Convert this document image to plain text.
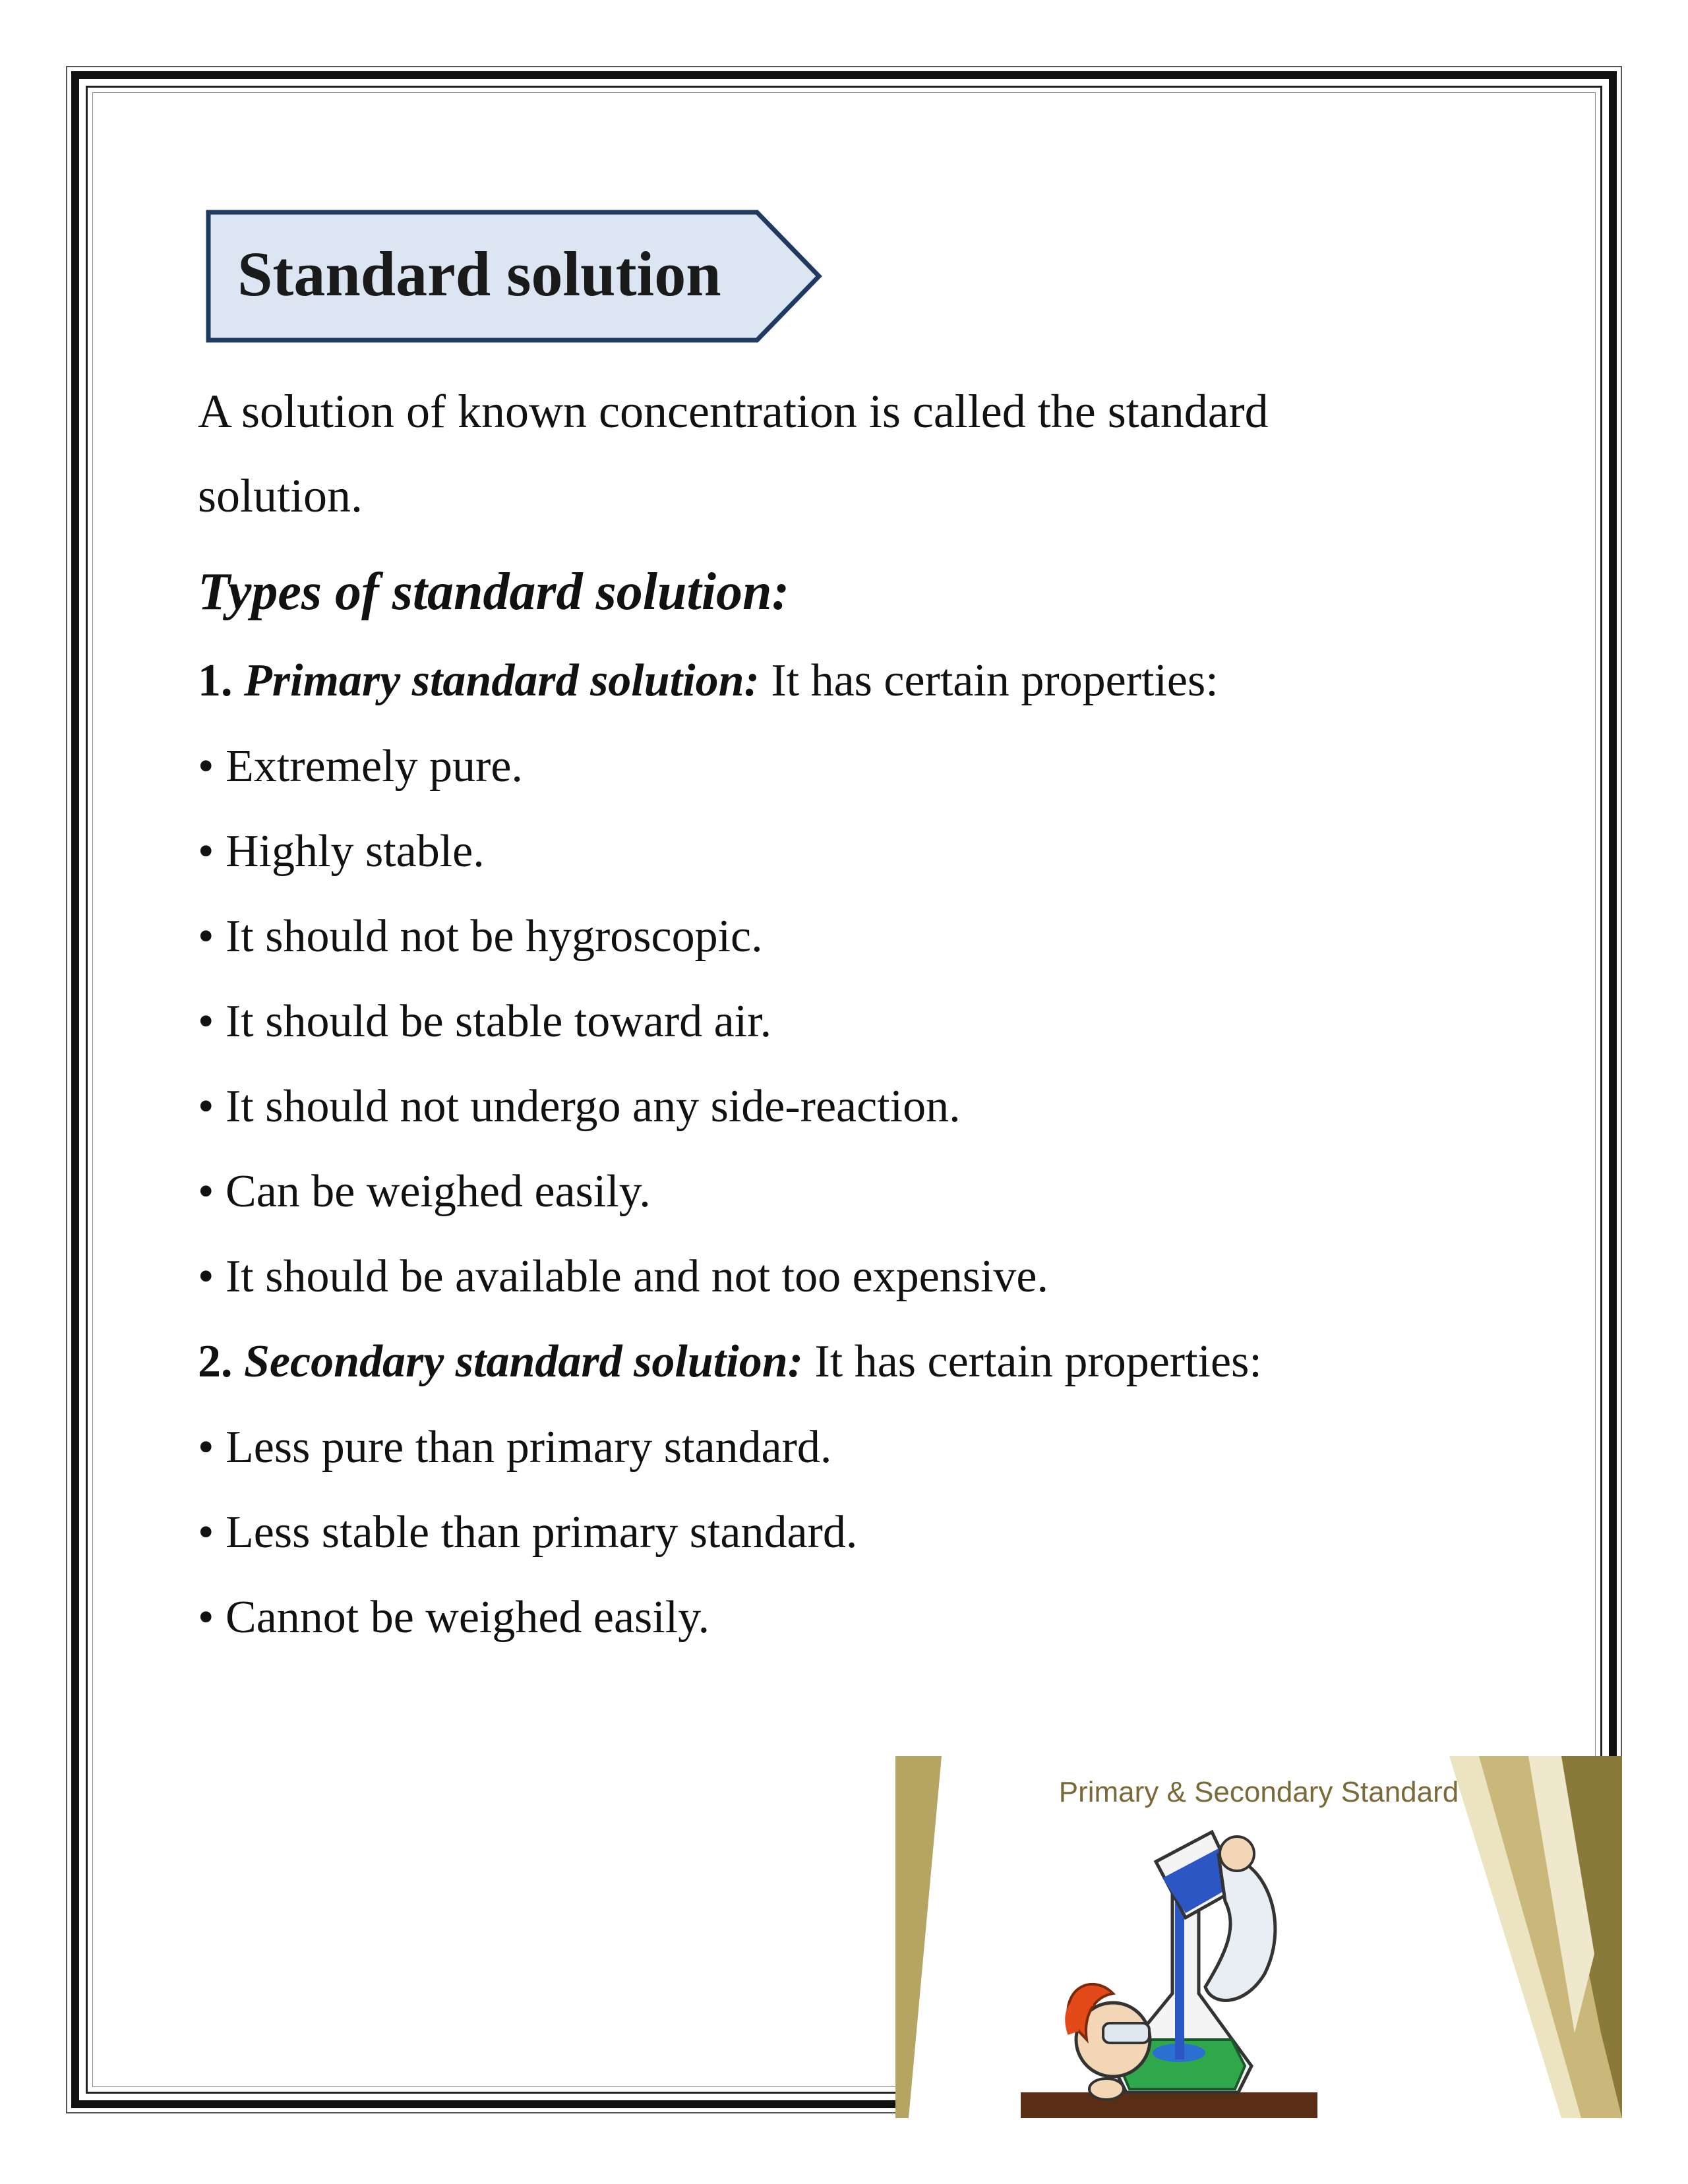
Standard solution

A solution of known concentration is called the standard

solution.

Types of standard solution:

1. Primary standard solution: It has certain properties:

• Extremely pure.

• Highly stable.

• It should not be hygroscopic.

• It should be stable toward air.

• It should not undergo any side-reaction.

• Can be weighed easily.

• It should be available and not too expensive.

2. Secondary standard solution: It has certain properties:

• Less pure than primary standard.

• Less stable than primary standard.

• Cannot be weighed easily.

Primary & Secondary Standard
